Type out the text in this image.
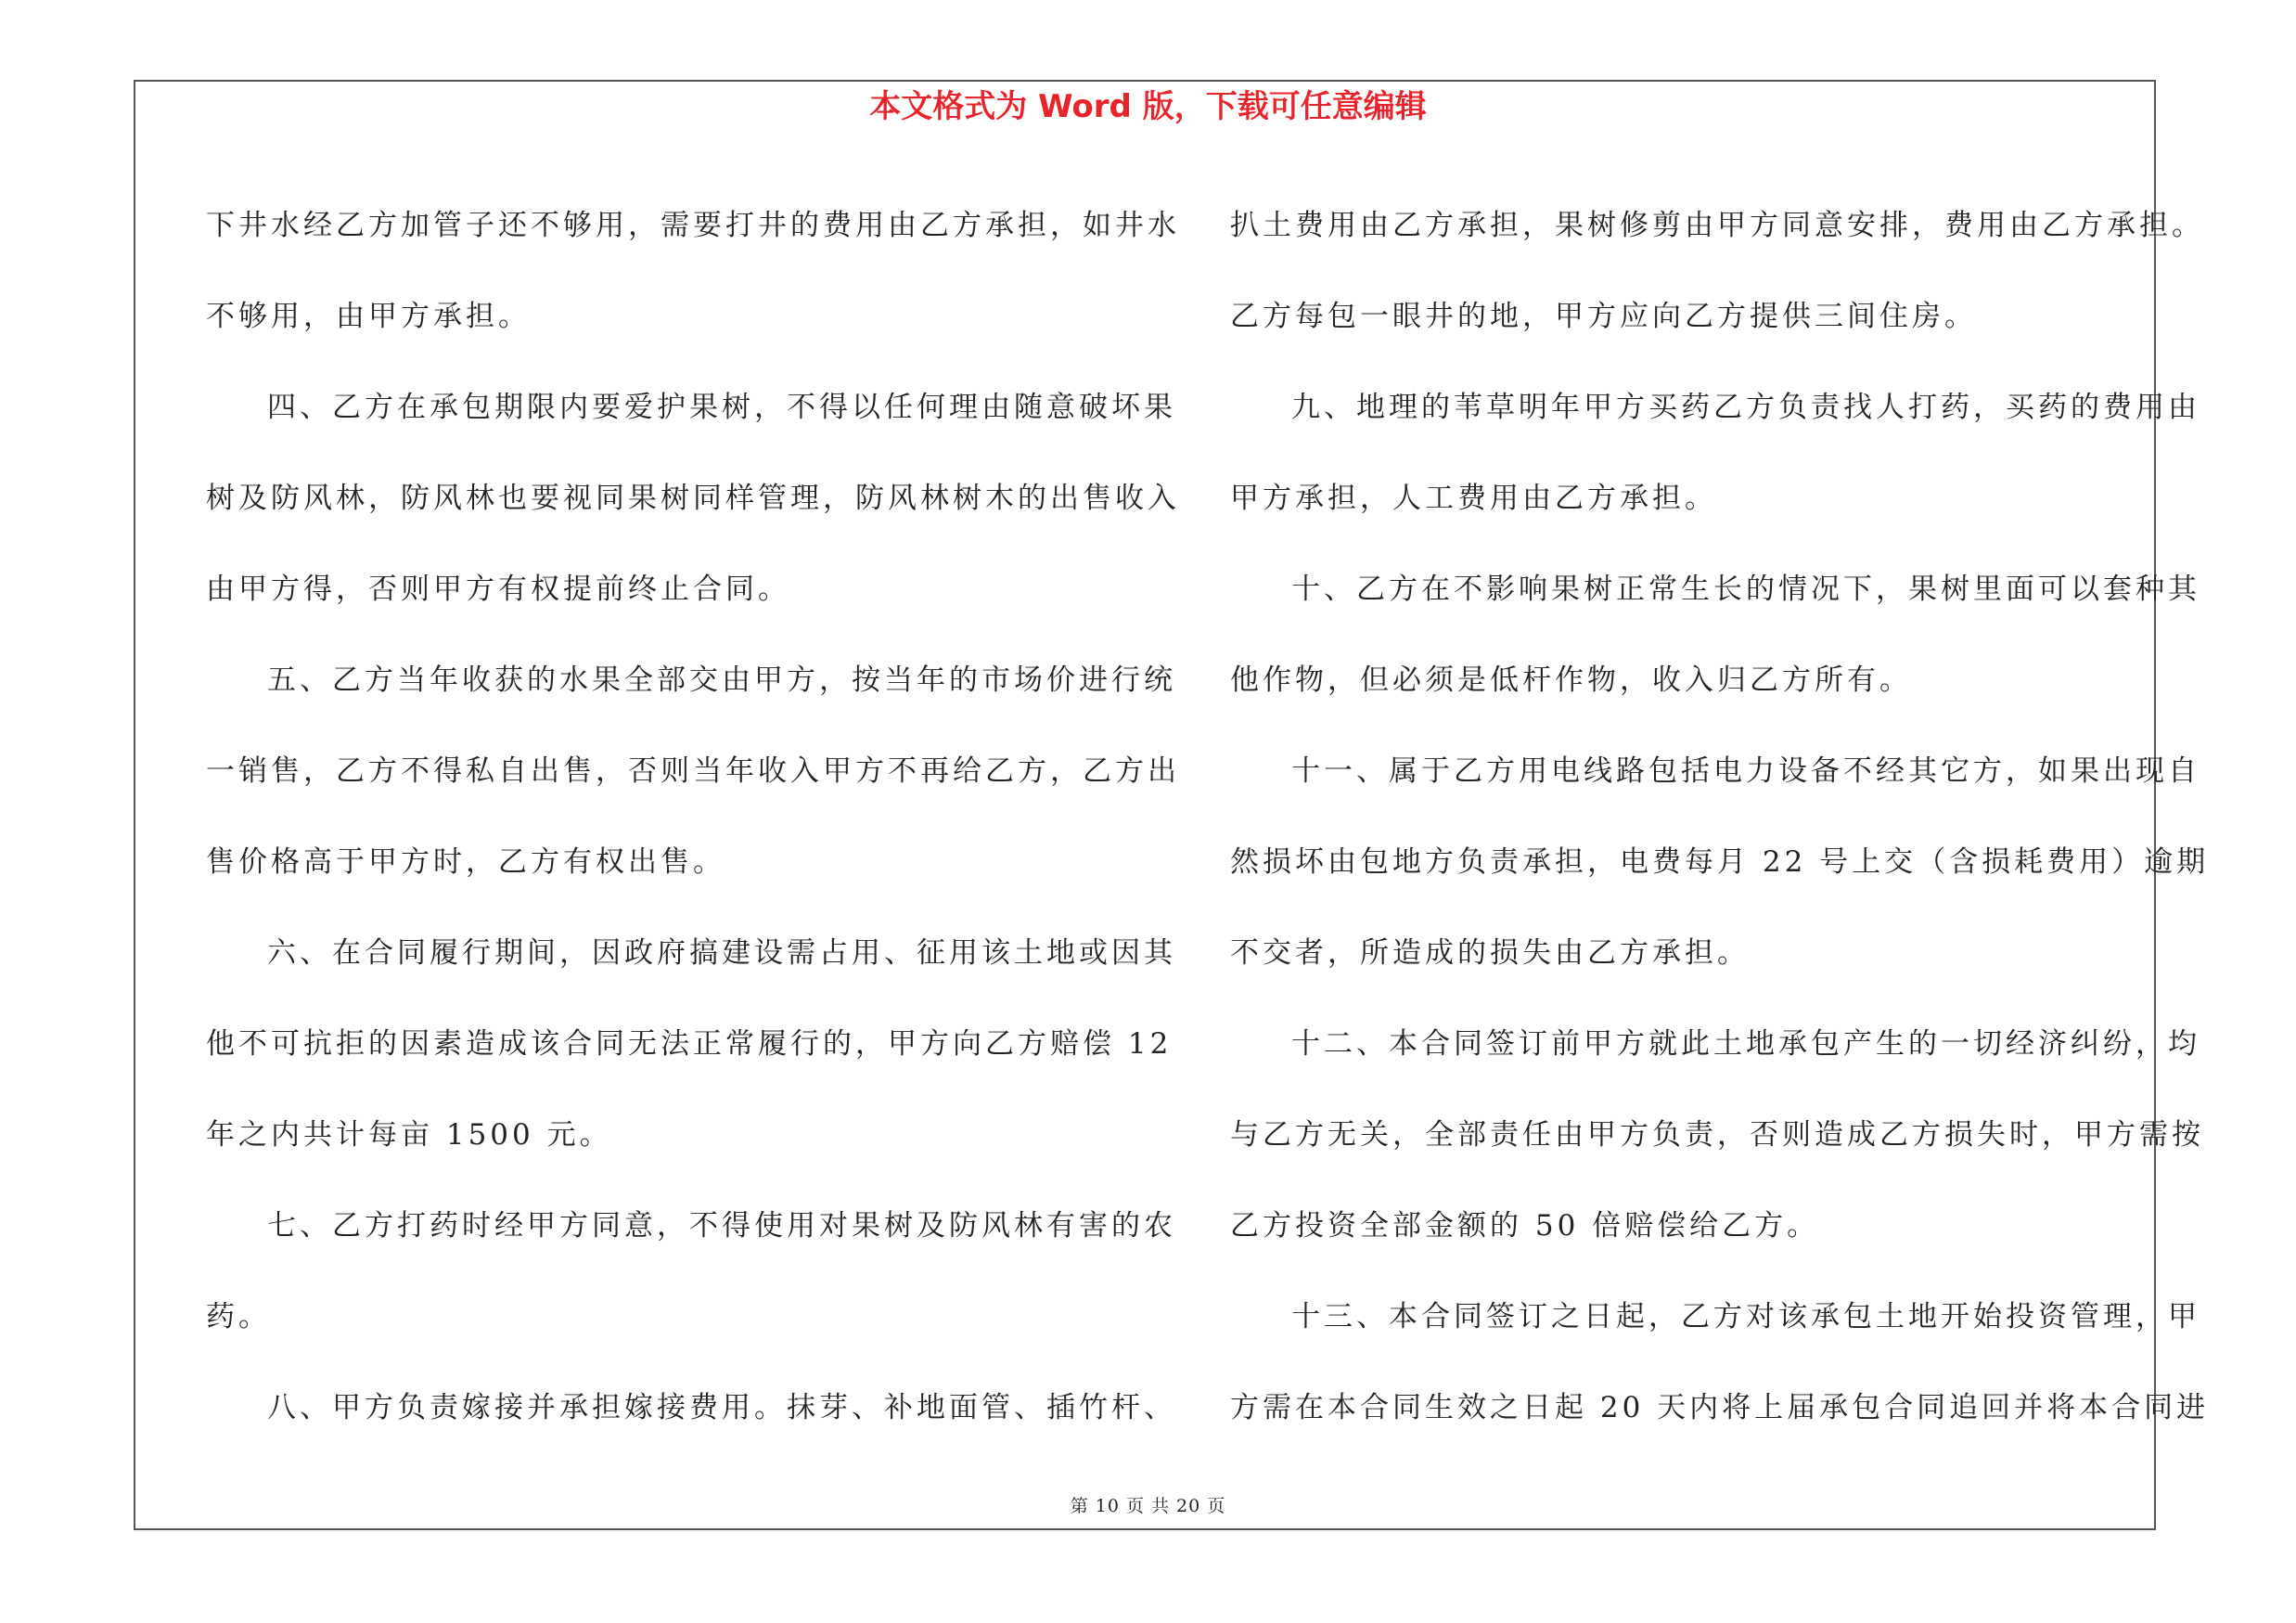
本文格式为 Word 版，下载可任意编辑
下井水经乙方加管子还不够用，需要打井的费用由乙方承担，如井水
不够用，由甲方承担。
四、乙方在承包期限内要爱护果树，不得以任何理由随意破坏果
树及防风林，防风林也要视同果树同样管理，防风林树木的出售收入
由甲方得，否则甲方有权提前终止合同。
五、乙方当年收获的水果全部交由甲方，按当年的市场价进行统
一销售，乙方不得私自出售，否则当年收入甲方不再给乙方，乙方出
售价格高于甲方时，乙方有权出售。
六、在合同履行期间，因政府搞建设需占用、征用该土地或因其
他不可抗拒的因素造成该合同无法正常履行的，甲方向乙方赔偿 12
年之内共计每亩 1500 元。
七、乙方打药时经甲方同意，不得使用对果树及防风林有害的农
药。
八、甲方负责嫁接并承担嫁接费用。抹芽、补地面管、插竹杆、
扒土费用由乙方承担，果树修剪由甲方同意安排，费用由乙方承担。
乙方每包一眼井的地，甲方应向乙方提供三间住房。
九、地理的苇草明年甲方买药乙方负责找人打药，买药的费用由
甲方承担，人工费用由乙方承担。
十、乙方在不影响果树正常生长的情况下，果树里面可以套种其
他作物，但必须是低杆作物，收入归乙方所有。
十一、属于乙方用电线路包括电力设备不经其它方，如果出现自
然损坏由包地方负责承担，电费每月 22 号上交（含损耗费用）逾期
不交者，所造成的损失由乙方承担。
十二、本合同签订前甲方就此土地承包产生的一切经济纠纷，均
与乙方无关，全部责任由甲方负责，否则造成乙方损失时，甲方需按
乙方投资全部金额的 50 倍赔偿给乙方。
十三、本合同签订之日起，乙方对该承包土地开始投资管理，甲
方需在本合同生效之日起 20 天内将上届承包合同追回并将本合同进
第 10 页 共 20 页
